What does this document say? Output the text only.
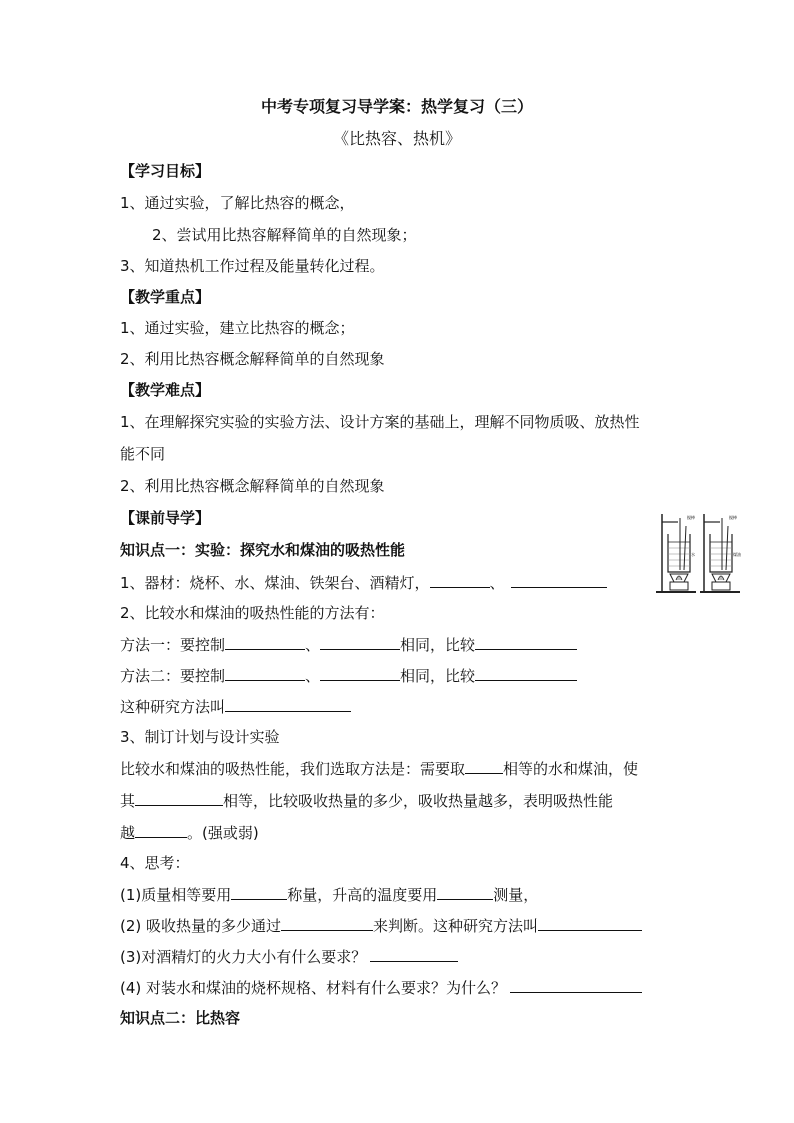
中考专项复习导学案：热学复习（三）
《比热容、热机》
【学习目标】
1、通过实验，了解比热容的概念，
2、尝试用比热容解释简单的自然现象；
3、知道热机工作过程及能量转化过程。
【教学重点】
1、通过实验，建立比热容的概念；
2、利用比热容概念解释简单的自然现象
【教学难点】
1、在理解探究实验的实验方法、设计方案的基础上，理解不同物质吸、放热性
能不同
2、利用比热容概念解释简单的自然现象
【课前导学】
知识点一：实验：探究水和煤油的吸热性能
1、器材：烧杯、水、煤油、铁架台、酒精灯，	、
2、比较水和煤油的吸热性能的方法有：
方法一：要控制	、	相同，比较
方法二：要控制	、	相同，比较
这种研究方法叫
3、制订计划与设计实验
比较水和煤油的吸热性能，我们选取方法是：需要取	相等的水和煤油，使
其	相等，比较吸收热量的多少，吸收热量越多，表明吸热性能
越	。(强或弱)
4、思考：
(1)质量相等要用	称量，升高的温度要用	测量，
(2) 吸收热量的多少通过	来判断。这种研究方法叫
(3)对酒精灯的火力大小有什么要求？
(4) 对装水和煤油的烧杯规格、材料有什么要求？为什么？
知识点二：比热容
搅棒
水
搅棒
煤油
